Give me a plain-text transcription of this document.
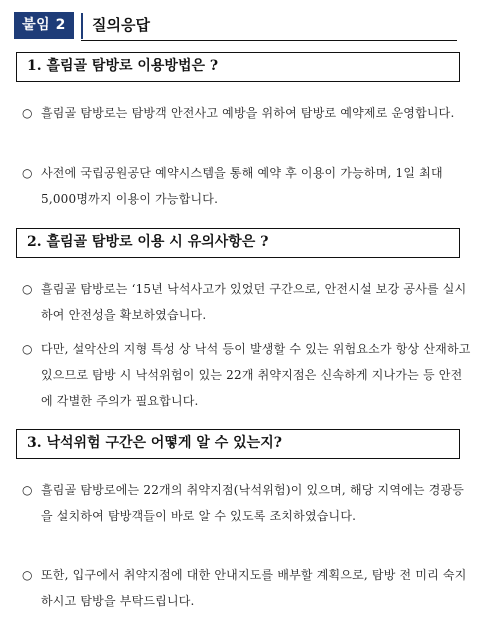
붙임 2	질의응답
1. 흘림골 탐방로 이용방법은 ?
○ 흘림골 탐방로는 탐방객 안전사고 예방을 위하여 탐방로 예약제로 운영합니다.
○ 사전에 국립공원공단 예약시스템을 통해 예약 후 이용이 가능하며, 1일 최대 5,000명까지 이용이 가능합니다.
2. 흘림골 탐방로 이용 시 유의사항은 ?
○ 흘림골 탐방로는 ‘15년 낙석사고가 있었던 구간으로, 안전시설 보강 공사를 실시하여 안전성을 확보하였습니다.
○ 다만, 설악산의 지형 특성 상 낙석 등이 발생할 수 있는 위험요소가 항상 산재하고 있으므로 탐방 시 낙석위험이 있는 22개 취약지점은 신속하게 지나가는 등 안전에 각별한 주의가 필요합니다.
3. 낙석위험 구간은 어떻게 알 수 있는지?
○ 흘림골 탐방로에는 22개의 취약지점(낙석위험)이 있으며, 해당 지역에는 경광등을 설치하여 탐방객들이 바로 알 수 있도록 조치하였습니다.
○ 또한, 입구에서 취약지점에 대한 안내지도를 배부할 계획으로, 탐방 전 미리 숙지하시고 탐방을 부탁드립니다.
